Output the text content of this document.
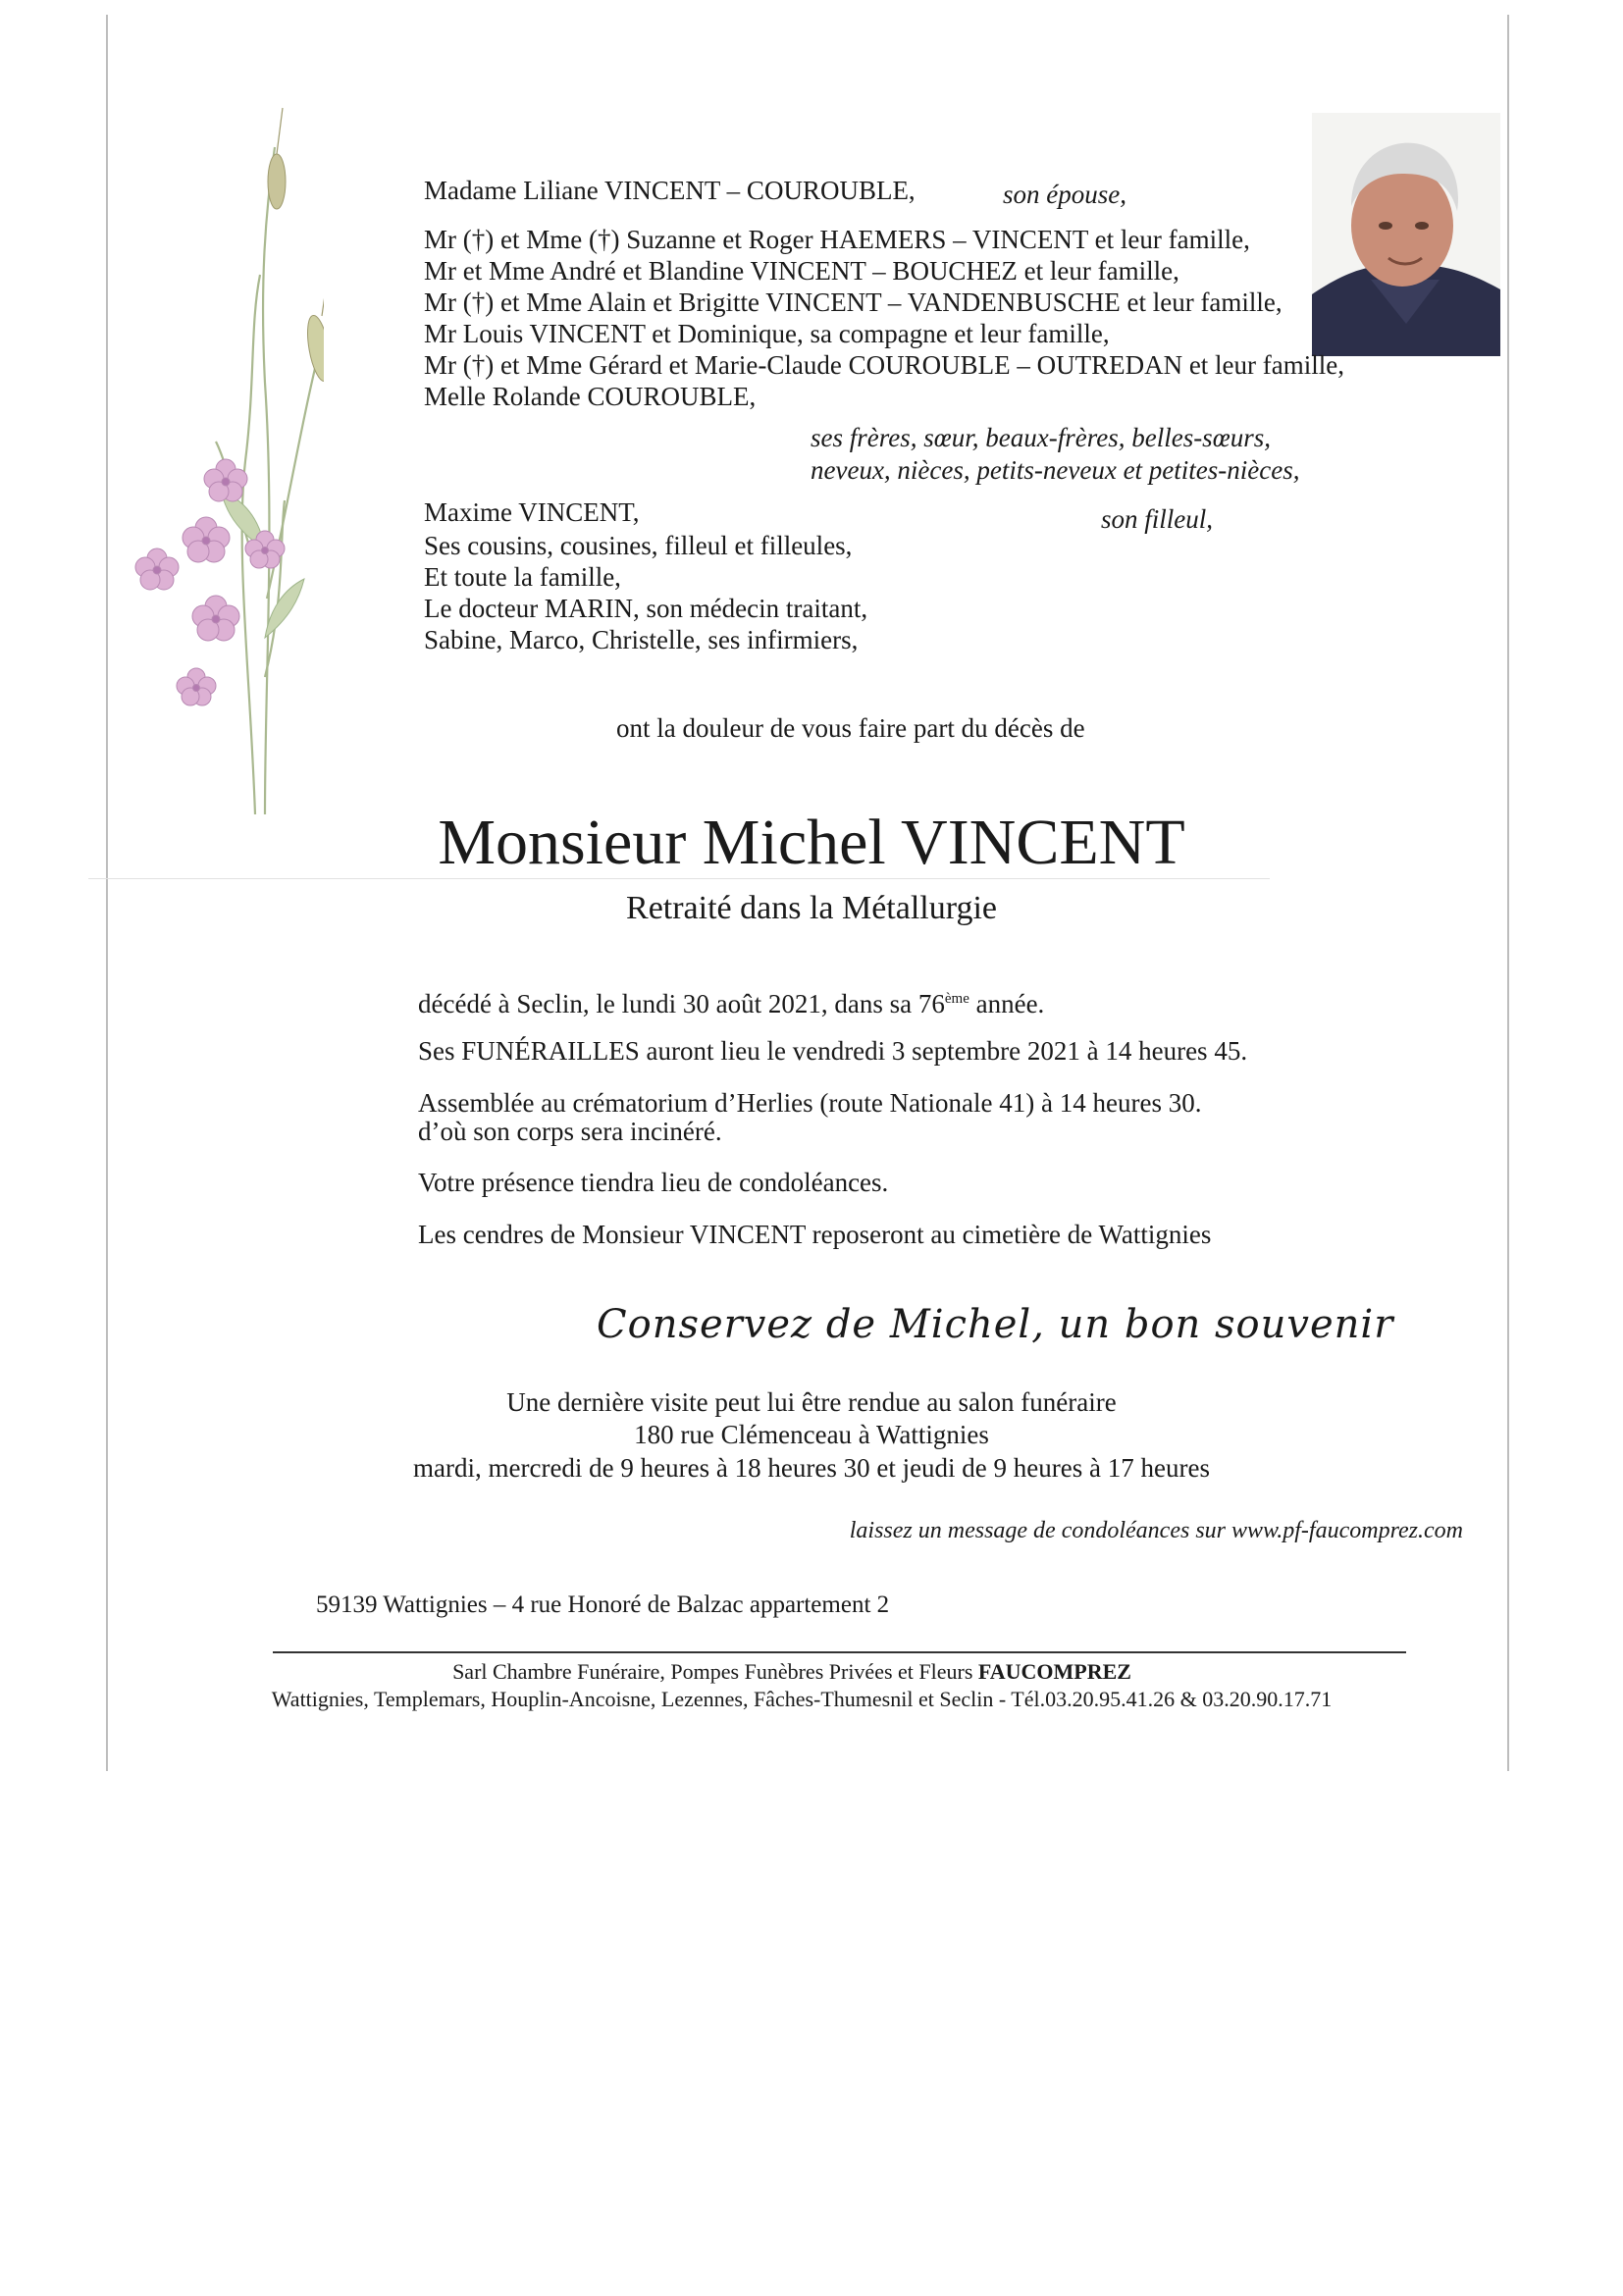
Madame Liliane VINCENT – COUROUBLE,	son épouse,
Mr (†) et Mme (†) Suzanne et Roger HAEMERS – VINCENT et leur famille,
Mr et Mme André et Blandine VINCENT – BOUCHEZ et leur famille,
Mr (†) et Mme Alain et Brigitte VINCENT – VANDENBUSCHE et leur famille,
Mr Louis VINCENT et Dominique, sa compagne et leur famille,
Mr (†) et Mme Gérard et Marie-Claude COUROUBLE – OUTREDAN et leur famille,
Melle Rolande COUROUBLE,
ses frères, sœur, beaux-frères, belles-sœurs,
neveux, nièces, petits-neveux et petites-nièces,
Maxime VINCENT,	son filleul,
Ses cousins, cousines, filleul et filleules,
Et toute la famille,
Le docteur MARIN, son médecin traitant,
Sabine, Marco, Christelle, ses infirmiers,
ont la douleur de vous faire part du décès de
Monsieur Michel VINCENT
Retraité dans la Métallurgie
décédé à Seclin, le lundi 30 août 2021, dans sa 76ème année.
Ses FUNÉRAILLES auront lieu le vendredi 3 septembre 2021 à 14 heures 45.
Assemblée au crématorium d’Herlies (route Nationale 41) à 14 heures 30.
d’où son corps sera incinéré.
Votre présence tiendra lieu de condoléances.
Les cendres de Monsieur VINCENT reposeront au cimetière de Wattignies
Conservez de Michel, un bon souvenir
Une dernière visite peut lui être rendue au salon funéraire
180 rue Clémenceau à Wattignies
mardi, mercredi de 9 heures à 18 heures 30 et jeudi de 9 heures à 17 heures
laissez un message de condoléances sur www.pf-faucomprez.com
59139 Wattignies – 4 rue Honoré de Balzac appartement 2
Sarl Chambre Funéraire, Pompes Funèbres Privées et Fleurs FAUCOMPREZ
Wattignies, Templemars, Houplin-Ancoisne, Lezennes, Fâches-Thumesnil et Seclin - Tél.03.20.95.41.26 & 03.20.90.17.71
